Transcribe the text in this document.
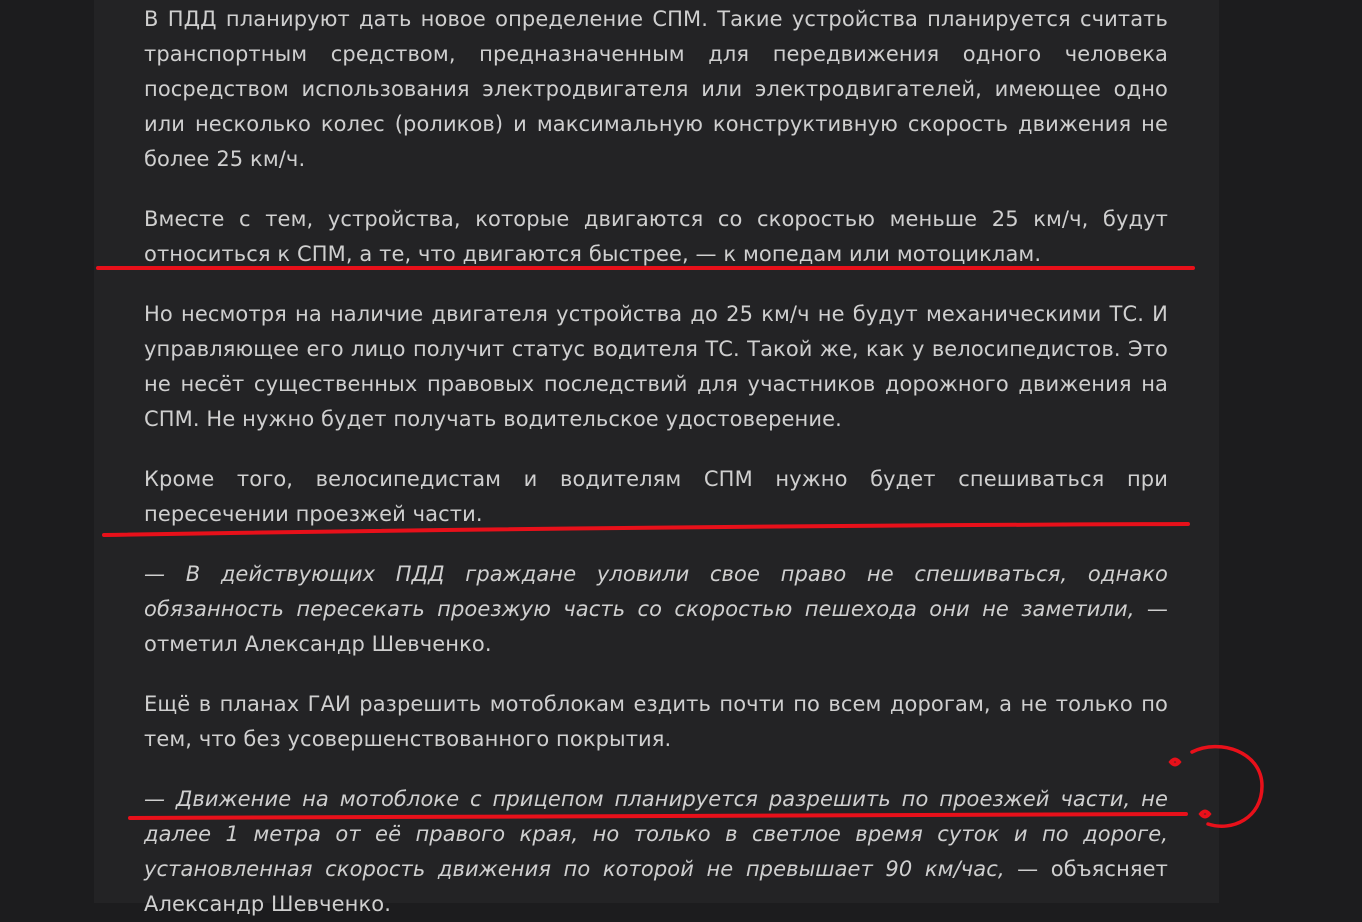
В ПДД планируют дать новое определение СПМ. Такие устройства планируется считать транспортным средством, предназначенным для передвижения одного человека посредством использования электродвигателя или электродвигателей, имеющее одно или несколько колес (роликов) и максимальную конструктивную скорость движения не более 25 км/ч.

Вместе с тем, устройства, которые двигаются со скоростью меньше 25 км/ч, будут относиться к СПМ, а те, что двигаются быстрее, — к мопедам или мотоциклам.

Но несмотря на наличие двигателя устройства до 25 км/ч не будут механическими ТС. И управляющее его лицо получит статус водителя ТС. Такой же, как у велосипедистов. Это не несёт существенных правовых последствий для участников дорожного движения на СПМ. Не нужно будет получать водительское удостоверение.

Кроме того, велосипедистам и водителям СПМ нужно будет спешиваться при пересечении проезжей части.

— В действующих ПДД граждане уловили свое право не спешиваться, однако обязанность пересекать проезжую часть со скоростью пешехода они не заметили, — отметил Александр Шевченко.

Ещё в планах ГАИ разрешить мотоблокам ездить почти по всем дорогам, а не только по тем, что без усовершенствованного покрытия.

— Движение на мотоблоке с прицепом планируется разрешить по проезжей части, не далее 1 метра от её правого края, но только в светлое время суток и по дороге, установленная скорость движения по которой не превышает 90 км/час, — объясняет Александр Шевченко.
